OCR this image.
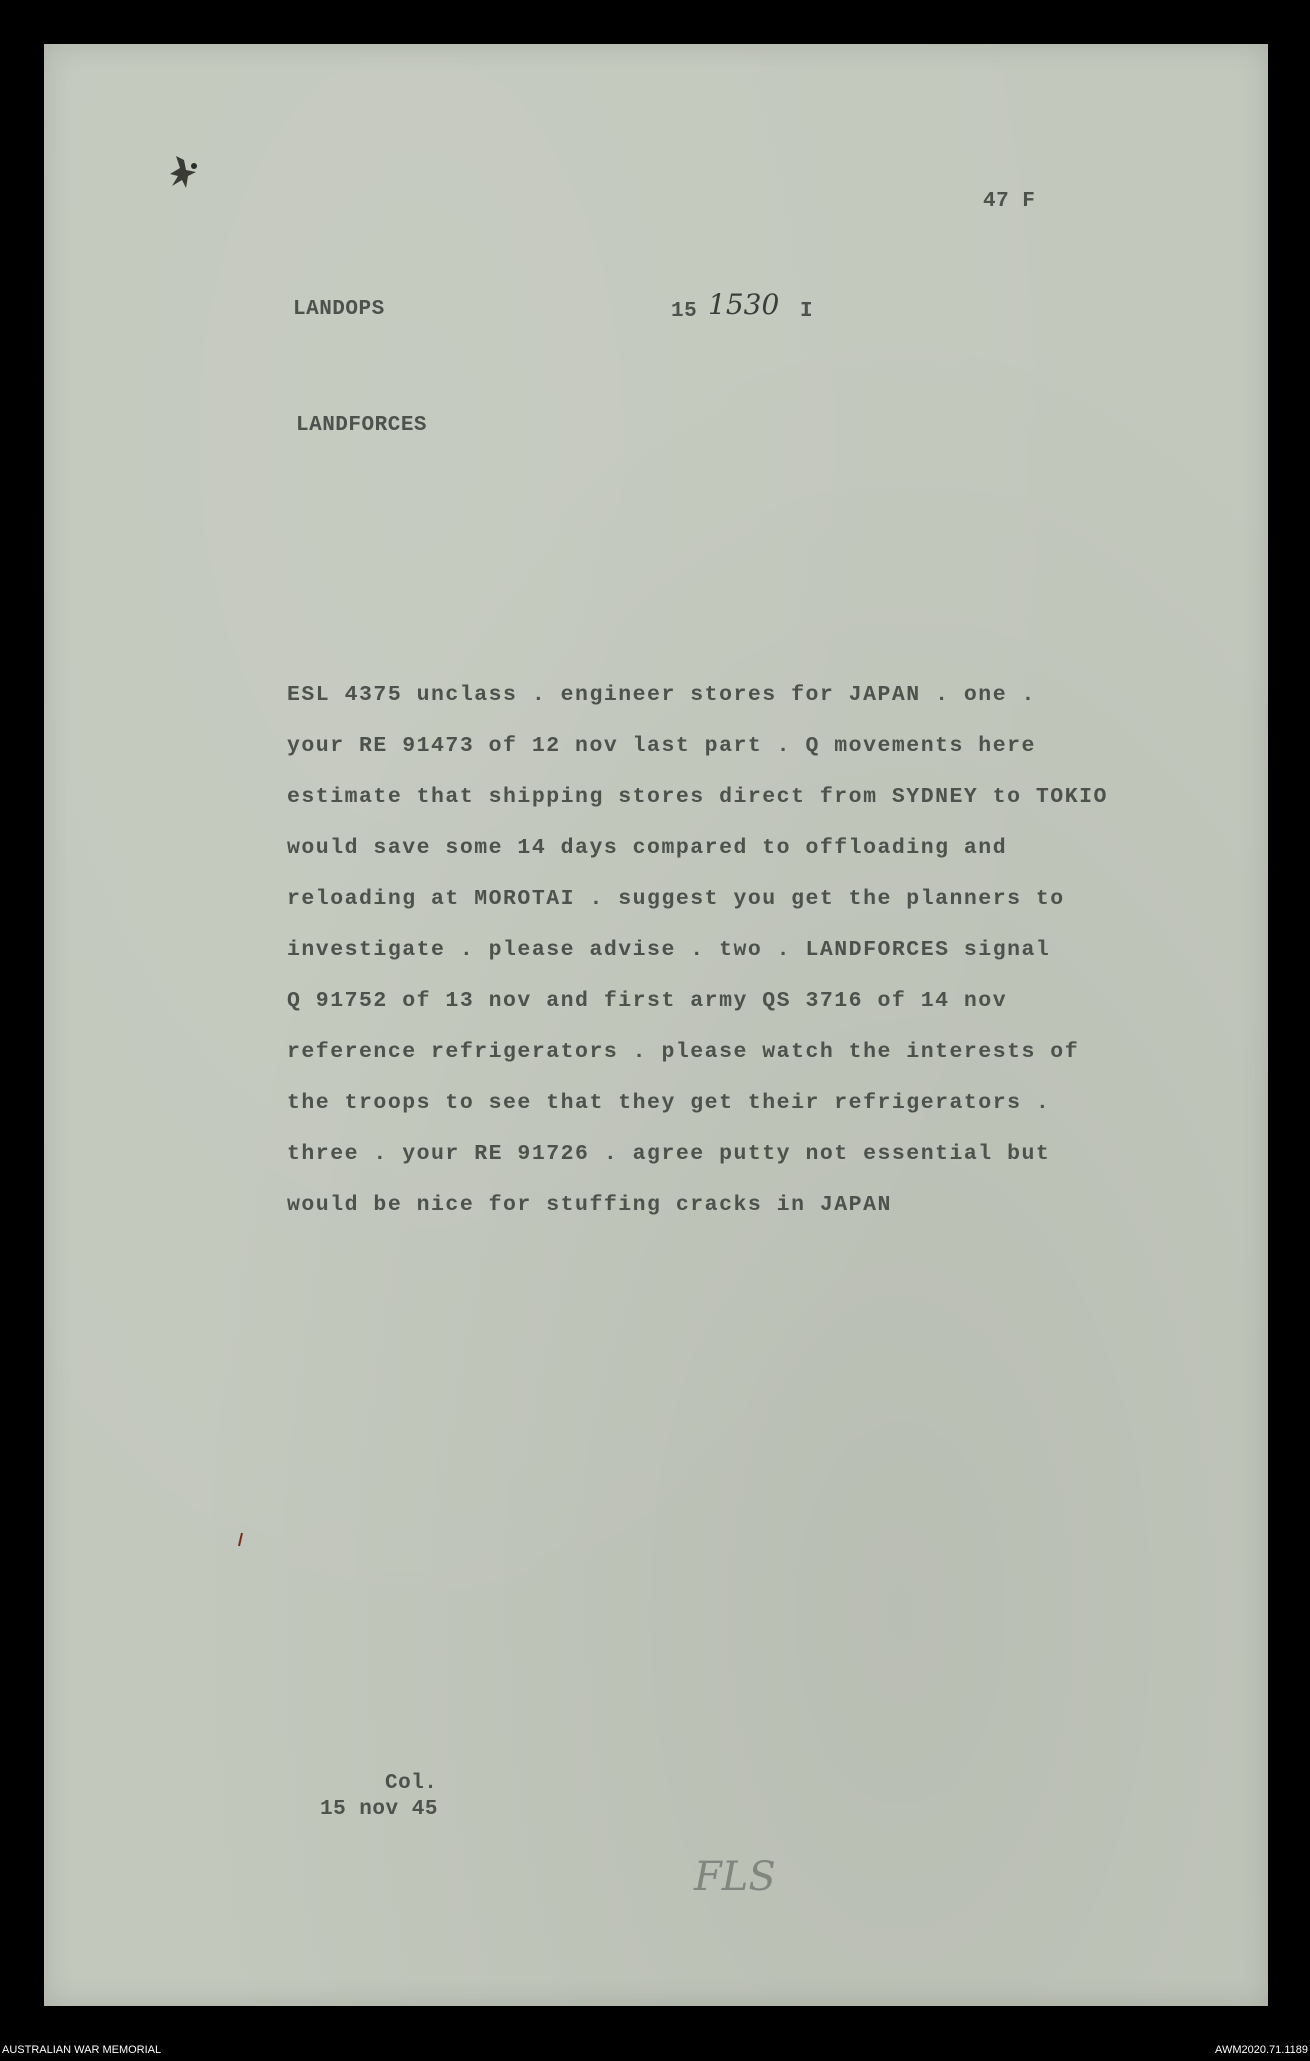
47 F
LANDOPS	15 1530 I
LANDFORCES
ESL 4375 unclass . engineer stores for JAPAN . one .
your RE 91473 of 12 nov last part . Q movements here
estimate that shipping stores direct from SYDNEY to TOKIO
would save some 14 days compared to offloading and
reloading at MOROTAI . suggest you get the planners to
investigate . please advise . two . LANDFORCES signal
Q 91752 of 13 nov and first army QS 3716 of 14 nov
reference refrigerators . please watch the interests of
the troops to see that they get their refrigerators .
three . your RE 91726 . agree putty not essential but
would be nice for stuffing cracks in JAPAN
Col.
15 nov 45
FLS
AUSTRALIAN WAR MEMORIAL	AWM2020.71.1189
